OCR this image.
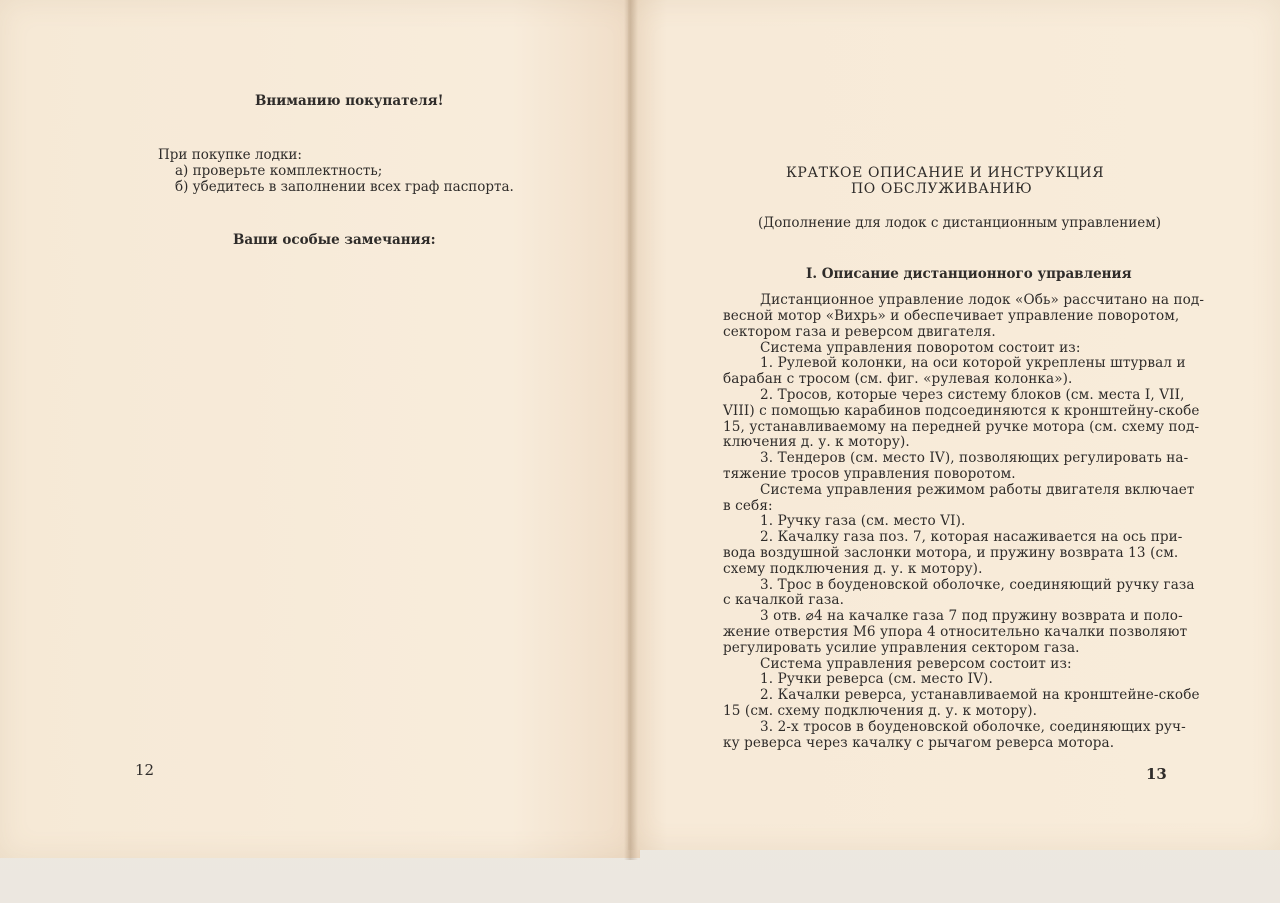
Вниманию покупателя!
При покупке лодки:
а) проверьте комплектность;
б) убедитесь в заполнении всех граф паспорта.
Ваши особые замечания:
12
КРАТКОЕ ОПИСАНИЕ И ИНСТРУКЦИЯ
ПО ОБСЛУЖИВАНИЮ
(Дополнение для лодок с дистанционным управлением)
I. Описание дистанционного управления
Дистанционное управление лодок «Обь» рассчитано на под-
весной мотор «Вихрь» и обеспечивает управление поворотом,
сектором газа и реверсом двигателя.
Система управления поворотом состоит из:
1. Рулевой колонки, на оси которой укреплены штурвал и
барабан с тросом (см. фиг. «рулевая колонка»).
2. Тросов, которые через систему блоков (см. места I, VII,
VIII) с помощью карабинов подсоединяются к кронштейну-скобе
15, устанавливаемому на передней ручке мотора (см. схему под-
ключения д. у. к мотору).
3. Тендеров (см. место IV), позволяющих регулировать на-
тяжение тросов управления поворотом.
Система управления режимом работы двигателя включает
в себя:
1. Ручку газа (см. место VI).
2. Качалку газа поз. 7, которая насаживается на ось при-
вода воздушной заслонки мотора, и пружину возврата 13 (см.
схему подключения д. у. к мотору).
3. Трос в боуденовской оболочке, соединяющий ручку газа
с качалкой газа.
3 отв. ⌀4 на качалке газа 7 под пружину возврата и поло-
жение отверстия М6 упора 4 относительно качалки позволяют
регулировать усилие управления сектором газа.
Система управления реверсом состоит из:
1. Ручки реверса (см. место IV).
2. Качалки реверса, устанавливаемой на кронштейне-скобе
15 (см. схему подключения д. у. к мотору).
3. 2-х тросов в боуденовской оболочке, соединяющих руч-
ку реверса через качалку с рычагом реверса мотора.
13
